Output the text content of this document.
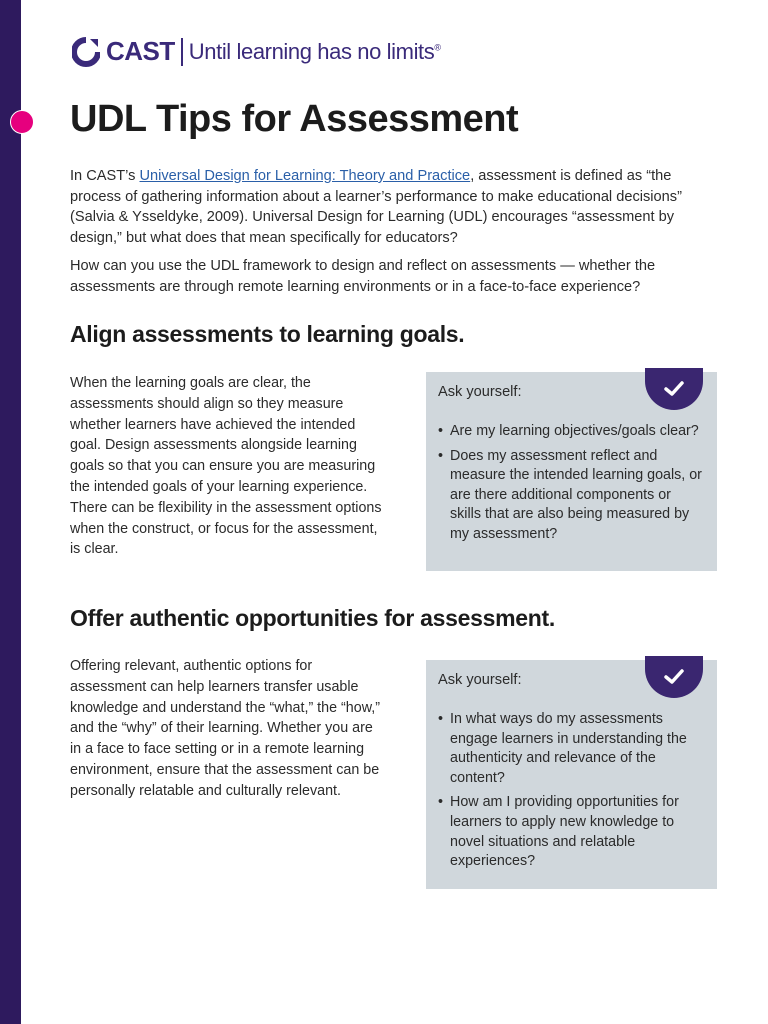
CAST Until learning has no limits®
UDL Tips for Assessment

In CAST’s Universal Design for Learning: Theory and Practice, assessment is defined as “the process of gathering information about a learner’s performance to make educational decisions” (Salvia & Ysseldyke, 2009). Universal Design for Learning (UDL) encourages “assessment by design,” but what does that mean specifically for educators?

How can you use the UDL framework to design and reflect on assessments — whether the assessments are through remote learning environments or in a face-to-face experience?

Align assessments to learning goals.

When the learning goals are clear, the assessments should align so they measure whether learners have achieved the intended goal. Design assessments alongside learning goals so that you can ensure you are measuring the intended goals of your learning experience. There can be flexibility in the assessment options when the construct, or focus for the assessment, is clear.

Ask yourself:

• Are my learning objectives/goals clear?
• Does my assessment reflect and measure the intended learning goals, or are there additional components or skills that are also being measured by my assessment?
Offer authentic opportunities for assessment.

Offering relevant, authentic options for assessment can help learners transfer usable knowledge and understand the “what,” the “how,” and the “why” of their learning. Whether you are in a face to face setting or in a remote learning environment, ensure that the assessment can be personally relatable and culturally relevant.

Ask yourself:

• In what ways do my assessments engage learners in understanding the authenticity and relevance of the content?
• How am I providing opportunities for learners to apply new knowledge to novel situations and relatable experiences?
